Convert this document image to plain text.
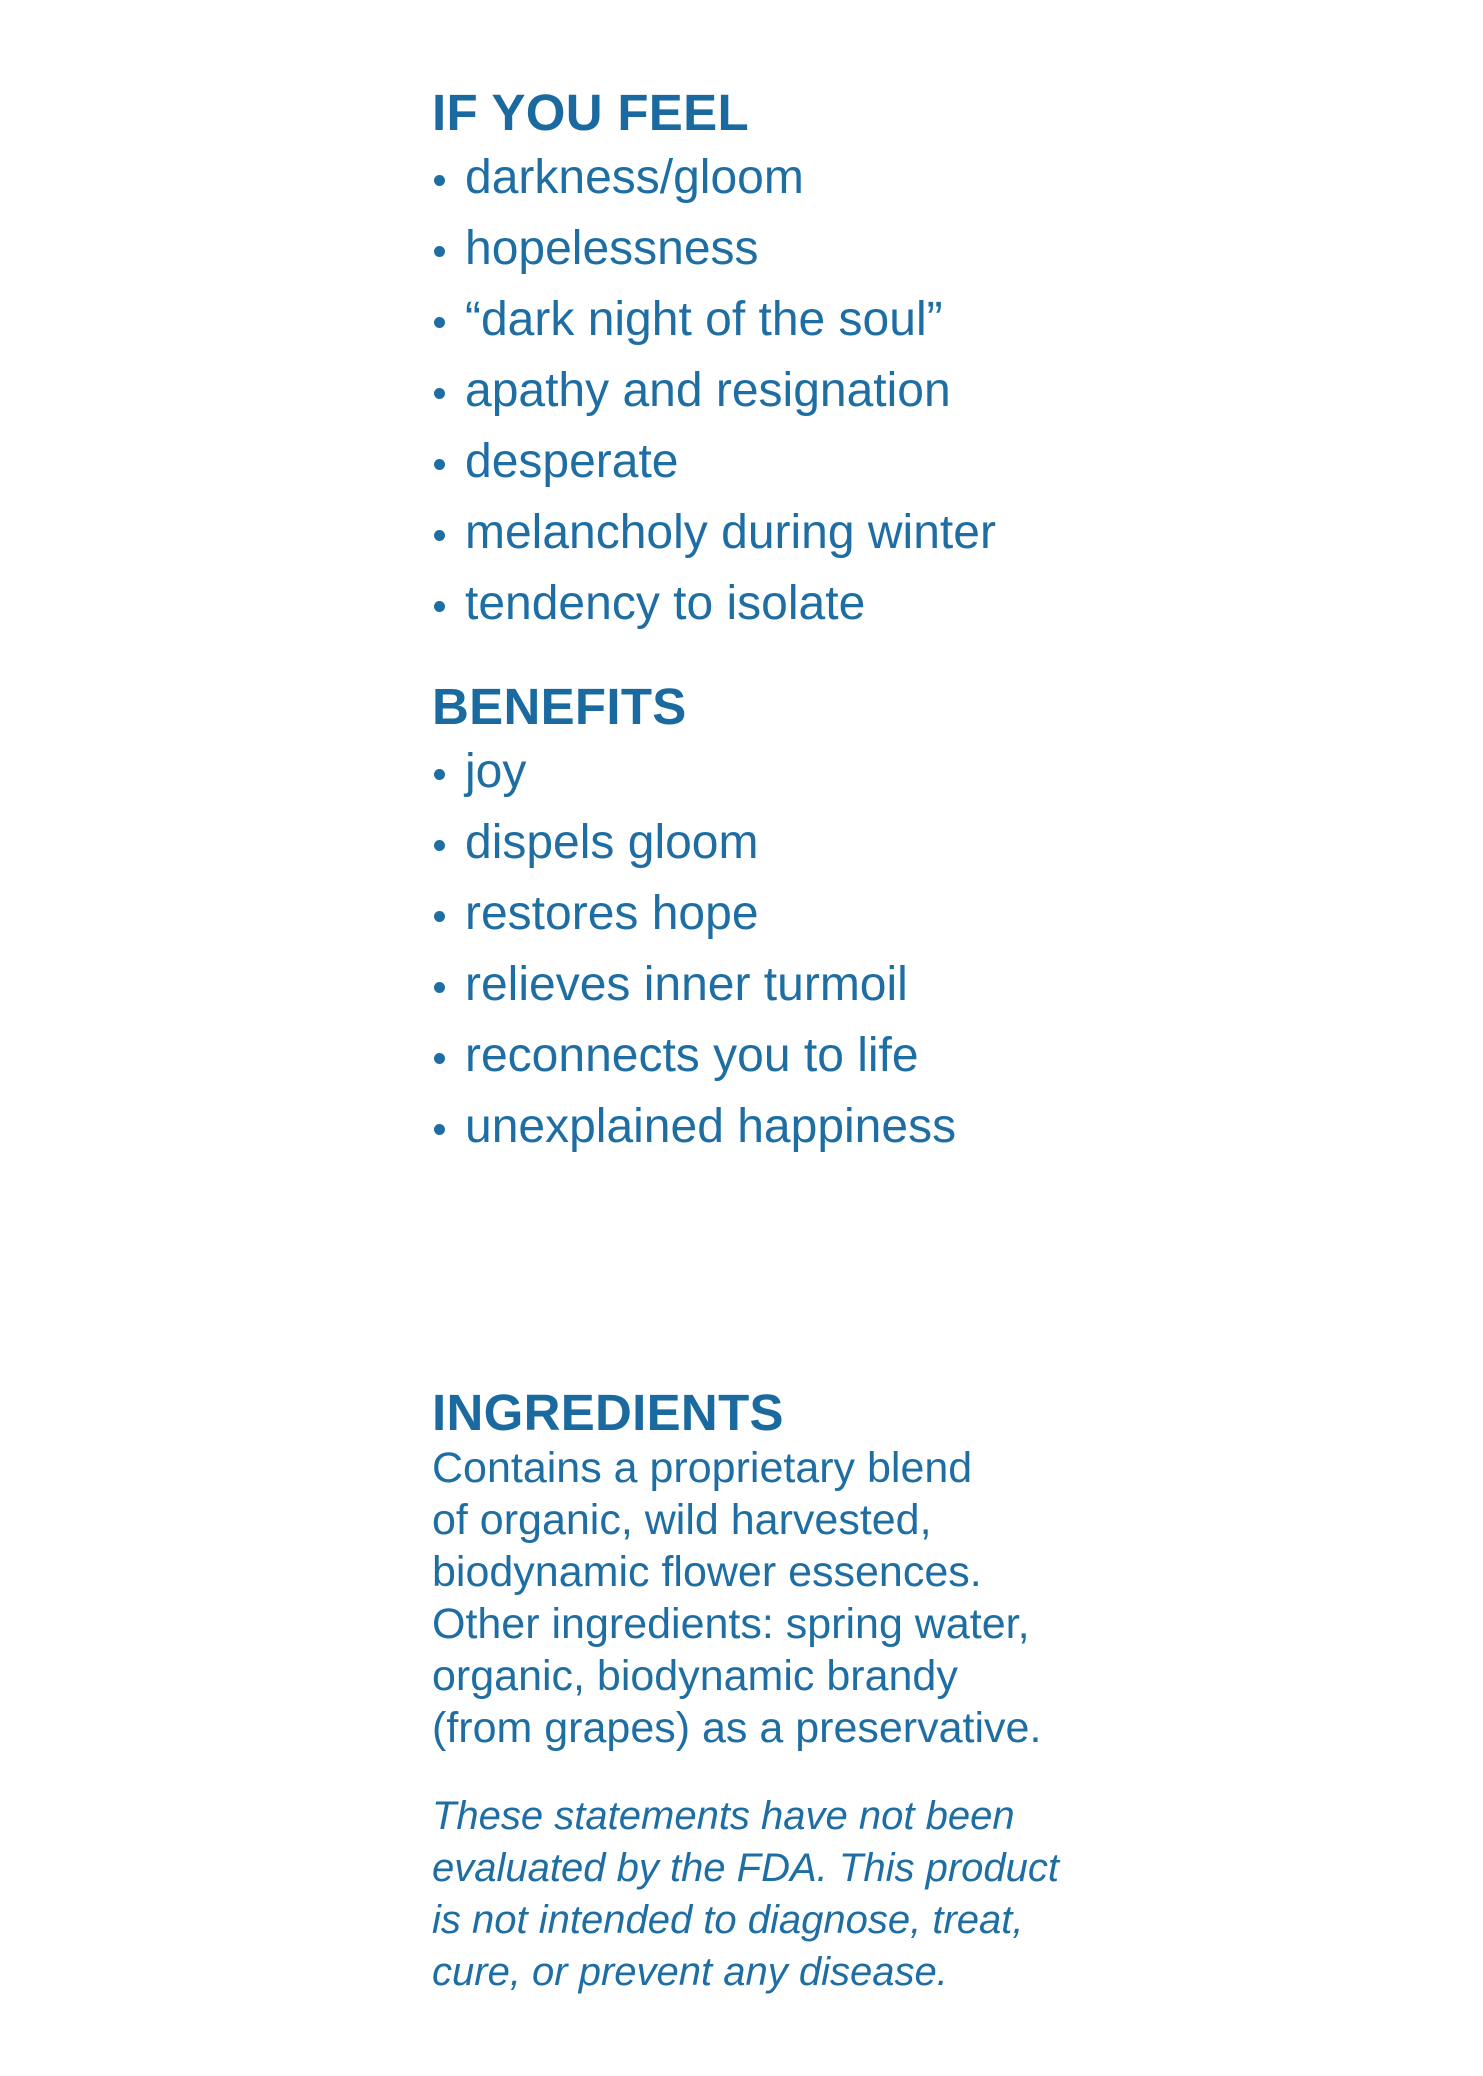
IF YOU FEEL
darkness/gloom
hopelessness
“dark night of the soul”
apathy and resignation
desperate
melancholy during winter
tendency to isolate
BENEFITS
joy
dispels gloom
restores hope
relieves inner turmoil
reconnects you to life
unexplained happiness
INGREDIENTS
Contains a proprietary blend
of organic, wild harvested,
biodynamic flower essences.
Other ingredients: spring water,
organic, biodynamic brandy
(from grapes) as a preservative.
These statements have not been
evaluated by the FDA. This product
is not intended to diagnose, treat,
cure, or prevent any disease.
